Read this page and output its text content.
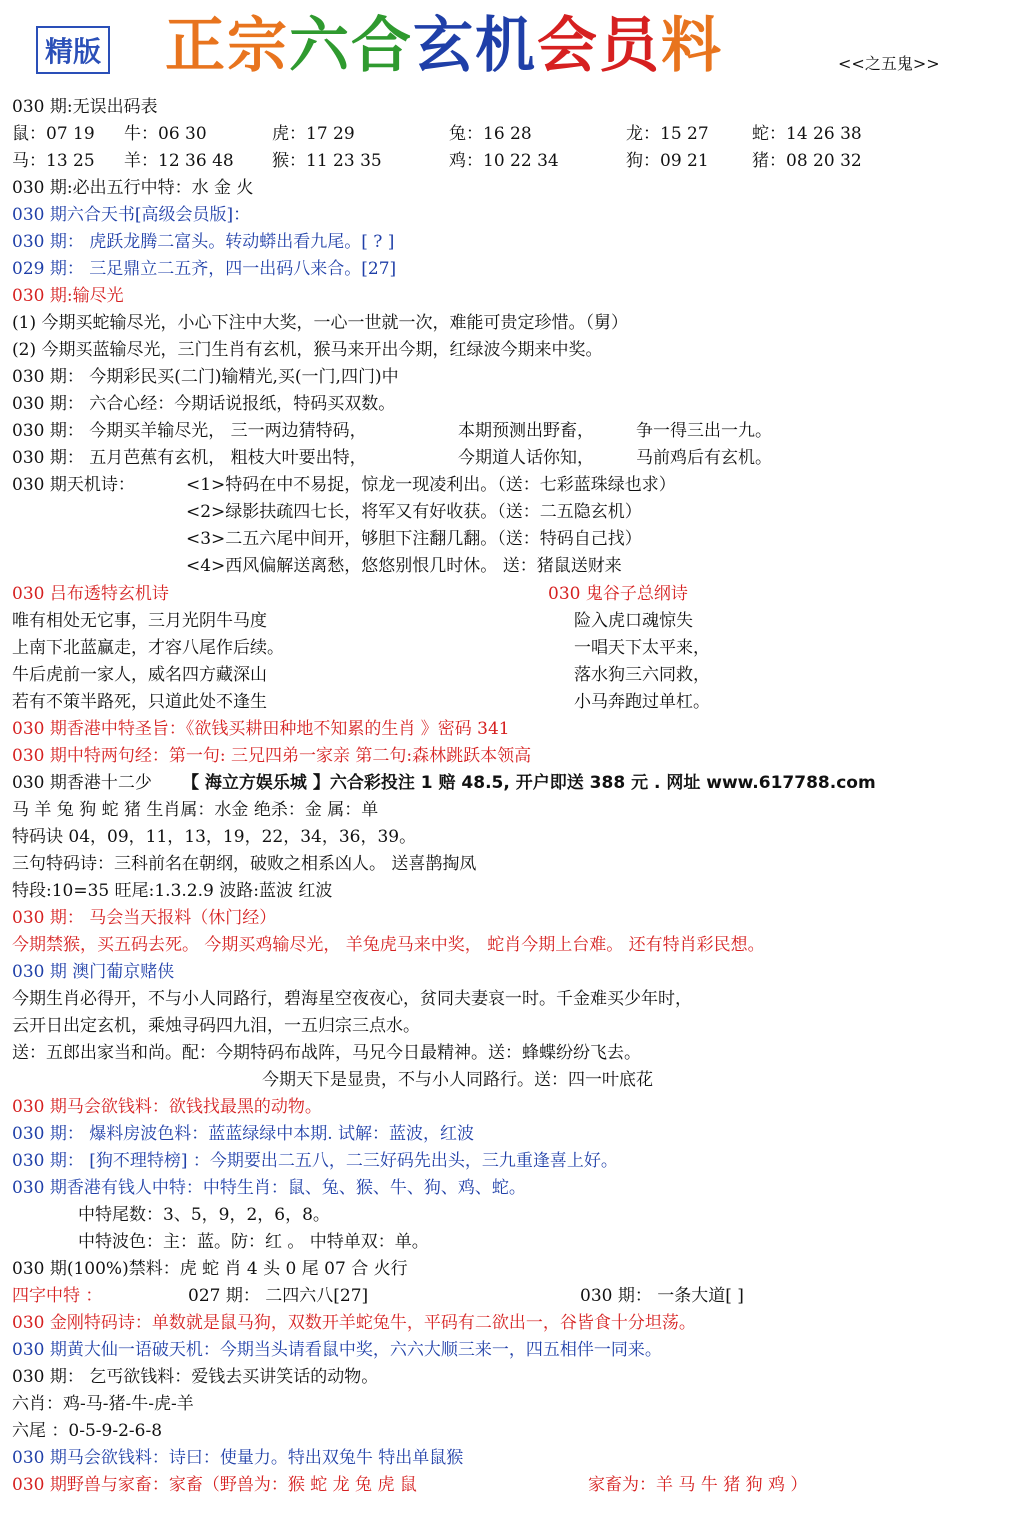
精版 正宗六合玄机会员料	<<之五鬼>>
030 期:无误出码表
鼠：07 19 牛：06 30	虎：17 29	兔：16 28	龙：15 27	蛇：14 26 38
马：13 25 羊：12 36 48 猴：11 23 35	鸡：10 22 34	狗：09 21	猪：08 20 32
030 期:必出五行中特：水 金 火
030 期六合天书[高级会员版]：
030 期： 虎跃龙腾二富头。转动蟒出看九尾。[ ? ]
029 期： 三足鼎立二五齐，四一出码八来合。[27]
030 期:输尽光
(1) 今期买蛇输尽光，小心下注中大奖，一心一世就一次，难能可贵定珍惜。（舅）
(2) 今期买蓝输尽光，三门生肖有玄机，猴马来开出今期，红绿波今期来中奖。
030 期： 今期彩民买(二门)输精光,买(一门,四门)中
030 期： 六合心经：今期话说报纸，特码买双数。
030 期： 今期买羊输尽光， 三一两边猜特码，	本期预测出野畜， 争一得三出一九。
030 期： 五月芭蕉有玄机， 粗枝大叶要出特，	今期道人话你知， 马前鸡后有玄机。
030 期天机诗：	<1>特码在中不易捉，惊龙一现凌利出。（送：七彩蓝珠绿也求）
<2>绿影扶疏四七长，将军又有好收获。（送：二五隐玄机）
<3>二五六尾中间开，够胆下注翻几翻。（送：特码自己找）
<4>西风偏解送离愁，悠悠别恨几时休。 送：猪鼠送财来
030 吕布透特玄机诗	030 鬼谷子总纲诗
唯有相处无它事，三月光阴牛马度	险入虎口魂惊失
上南下北蓝赢走，才容八尾作后续。	一唱天下太平来，
牛后虎前一家人，威名四方藏深山	落水狗三六同救，
若有不策半路死，只道此处不逢生	小马奔跑过单杠。
030 期香港中特圣旨：《欲钱买耕田种地不知累的生肖 》密码 341
030 期中特两句经：第一句: 三兄四弟一家亲 第二句:森林跳跃本领高
030 期香港十二少 【 海立方娱乐城 】六合彩投注 1 赔 48.5, 开户即送 388 元 . 网址 www.617788.com
马 羊 兔 狗 蛇 猪 生肖属：水金 绝杀：金 属：单
特码诀 04，09，11，13，19，22，34，36，39。
三句特码诗：三科前名在朝纲，破败之相系凶人。 送喜鹊掏凤
特段:10=35 旺尾:1.3.2.9 波路:蓝波 红波
030 期： 马会当天报料（休门经）
今期禁猴，买五码去死。 今期买鸡输尽光， 羊兔虎马来中奖， 蛇肖今期上台难。 还有特肖彩民想。
030 期 澳门葡京赌侠
今期生肖必得开，不与小人同路行，碧海星空夜夜心，贫同夫妻哀一时。千金难买少年时，
云开日出定玄机，乘烛寻码四九泪，一五归宗三点水。
送：五郎出家当和尚。配：今期特码布战阵，马兄今日最精神。送：蜂蝶纷纷飞去。
今期天下是显贵，不与小人同路行。送：四一叶底花
030 期马会欲钱料：欲钱找最黑的动物。
030 期： 爆料房波色料：蓝蓝绿绿中本期. 试解：蓝波，红波
030 期： [狗不理特榜] ：今期要出二五八，二三好码先出头，三九重逢喜上好。
030 期香港有钱人中特：中特生肖：鼠、兔、猴、牛、狗、鸡、蛇。
中特尾数：3、5，9，2，6，8。
中特波色：主：蓝。防：红 。 中特单双：单。
030 期(100%)禁料：虎 蛇 肖 4 头 0 尾 07 合 火行
四字中特 ：	027 期： 二四六八[27]	030 期： 一条大道[ ]
030 金刚特码诗：单数就是鼠马狗，双数开羊蛇兔牛，平码有二欲出一，谷皆食十分坦荡。
030 期黄大仙一语破天机：今期当头请看鼠中奖，六六大顺三来一，四五相伴一同来。
030 期： 乞丐欲钱料：爱钱去买讲笑话的动物。
六肖：鸡-马-猪-牛-虎-羊
六尾 ：0-5-9-2-6-8
030 期马会欲钱料：诗曰：使量力。特出双兔牛 特出单鼠猴
030 期野兽与家畜：家畜（野兽为：猴 蛇 龙 兔 虎 鼠	家畜为：羊 马 牛 猪 狗 鸡 ）
